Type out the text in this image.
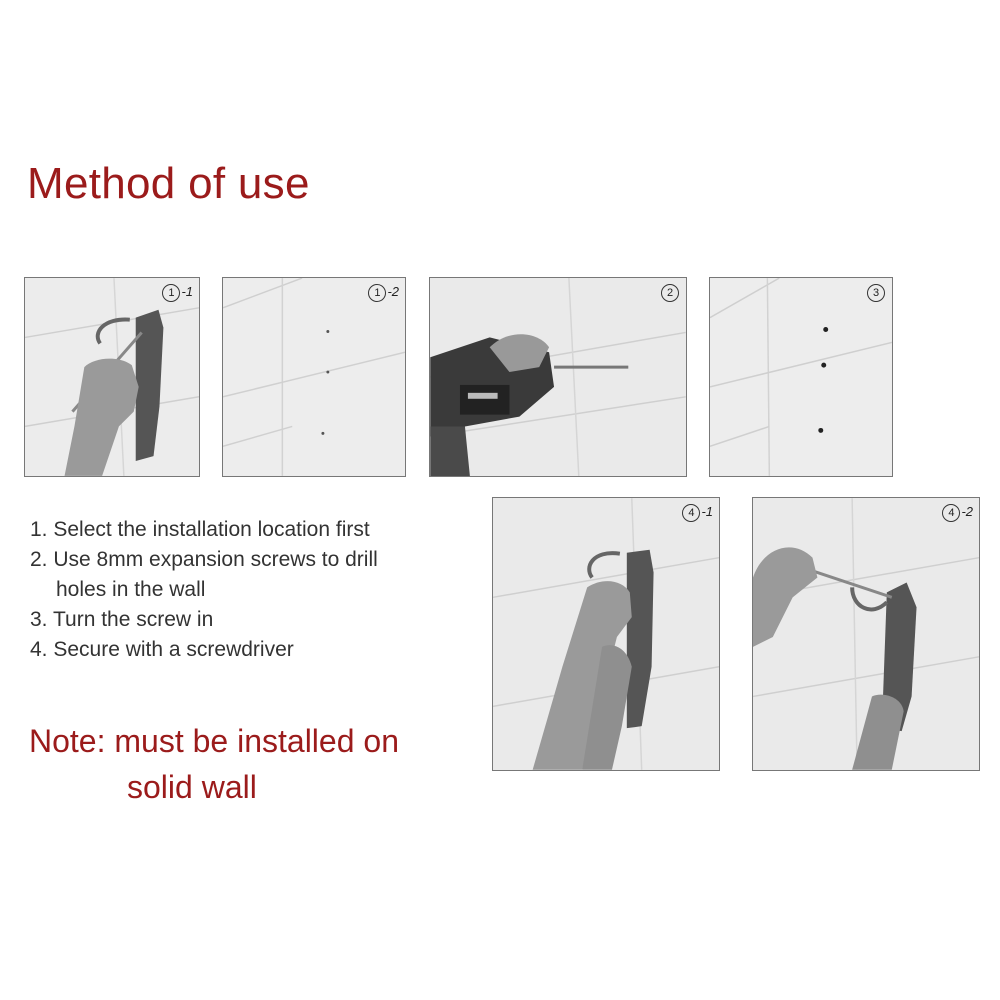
Method of use
1 -1	1 -2	2	3
4 -1	4 -2
1. Select the installation location first
2. Use 8mm expansion screws to drill
holes in the wall
3. Turn the screw in
4. Secure with a screwdriver
Note: must be installed on
solid wall
